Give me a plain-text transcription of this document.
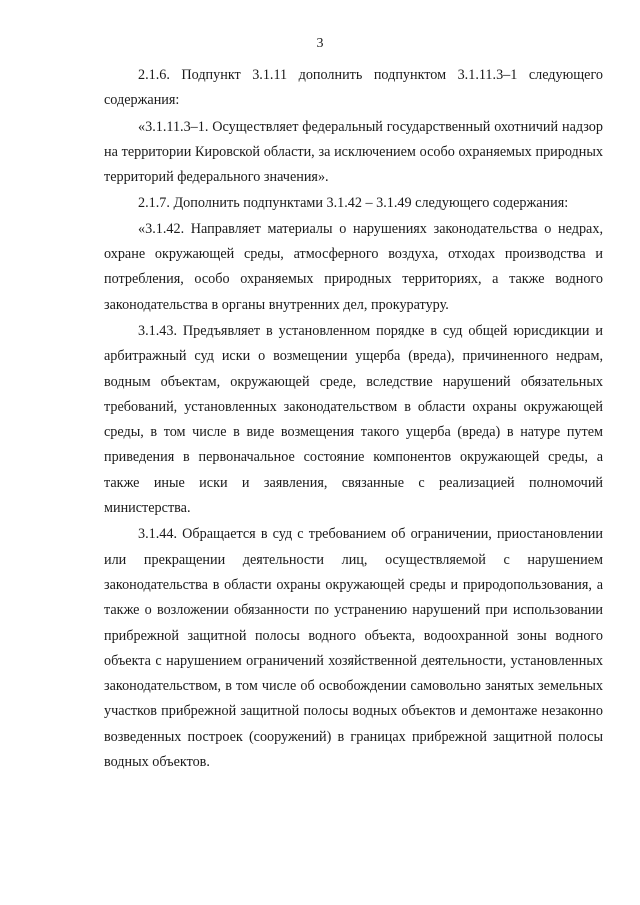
3

2.1.6. Подпункт 3.1.11 дополнить подпунктом 3.1.11.3–1 следующего содержания:

«3.1.11.3–1. Осуществляет федеральный государственный охотничий надзор на территории Кировской области, за исключением особо охраняемых природных территорий федерального значения».

2.1.7. Дополнить подпунктами 3.1.42 – 3.1.49 следующего содержания:

«3.1.42. Направляет материалы о нарушениях законодательства о недрах, охране окружающей среды, атмосферного воздуха, отходах производства и потребления, особо охраняемых природных территориях, а также водного законодательства в органы внутренних дел, прокуратуру.

3.1.43. Предъявляет в установленном порядке в суд общей юрисдикции и арбитражный суд иски о возмещении ущерба (вреда), причиненного недрам, водным объектам, окружающей среде, вследствие нарушений обязательных требований, установленных законодательством в области охраны окружающей среды, в том числе в виде возмещения такого ущерба (вреда) в натуре путем приведения в первоначальное состояние компонентов окружающей среды, а также иные иски и заявления, связанные с реализацией полномочий министерства.

3.1.44. Обращается в суд с требованием об ограничении, приостановлении или прекращении деятельности лиц, осуществляемой с нарушением законодательства в области охраны окружающей среды и природопользования, а также о возложении обязанности по устранению нарушений при использовании прибрежной защитной полосы водного объекта, водоохранной зоны водного объекта с нарушением ограничений хозяйственной деятельности, установленных законодательством, в том числе об освобождении самовольно занятых земельных участков прибрежной защитной полосы водных объектов и демонтаже незаконно возведенных построек (сооружений) в границах прибрежной защитной полосы водных объектов.
